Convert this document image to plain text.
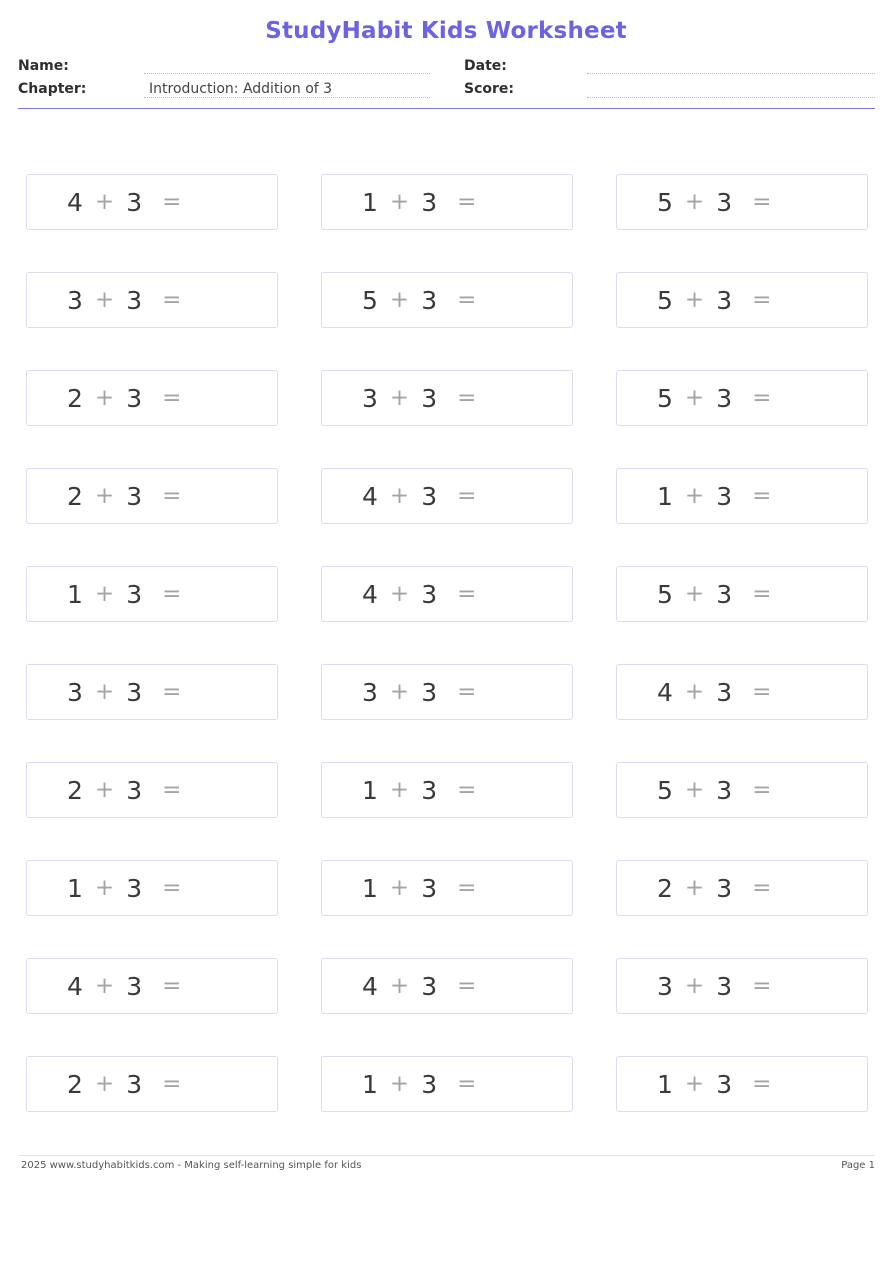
StudyHabit Kids Worksheet
Name:
Chapter:	Introduction: Addition of 3
Date:
Score:
4 + 3 =	1 + 3 =	5 + 3 =
3 + 3 =	5 + 3 =	5 + 3 =
2 + 3 =	3 + 3 =	5 + 3 =
2 + 3 =	4 + 3 =	1 + 3 =
1 + 3 =	4 + 3 =	5 + 3 =
3 + 3 =	3 + 3 =	4 + 3 =
2 + 3 =	1 + 3 =	5 + 3 =
1 + 3 =	1 + 3 =	2 + 3 =
4 + 3 =	4 + 3 =	3 + 3 =
2 + 3 =	1 + 3 =	1 + 3 =
2025 www.studyhabitkids.com - Making self-learning simple for kids	Page 1
